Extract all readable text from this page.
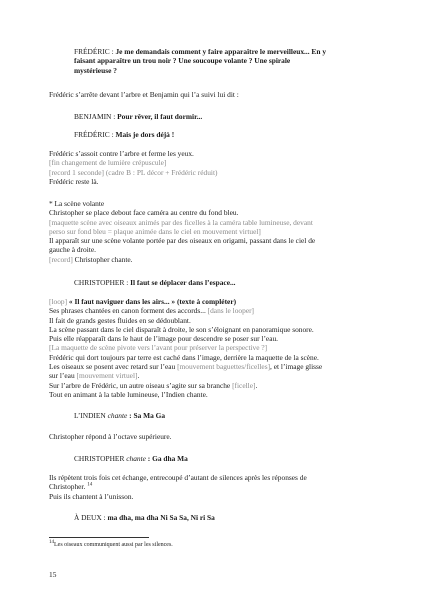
FRÉDÉRIC : Je me demandais comment y faire apparaître le merveilleux... En y
faisant apparaître un trou noir ? Une soucoupe volante ? Une spirale
mystérieuse ?
Frédéric s’arrête devant l’arbre et Benjamin qui l’a suivi lui dit :
BENJAMIN : Pour rêver, il faut dormir...
FRÉDÉRIC : Mais je dors déjà !
Frédéric s’assoit contre l’arbre et ferme les yeux.
[fin changement de lumière crépuscule]
[record 1 seconde] (cadre B : PL décor + Frédéric réduit)
Frédéric reste là.
* La scène volante
Christopher se place debout face caméra au centre du fond bleu.
[maquette scène avec oiseaux animés par des ficelles à la caméra table lumineuse, devant
perso sur fond bleu = plaque animée dans le ciel en mouvement virtuel]
Il apparaît sur une scène volante portée par des oiseaux en origami, passant dans le ciel de
gauche à droite.
[record] Christopher chante.
CHRISTOPHER : Il faut se déplacer dans l’espace...
[loop] « Il faut naviguer dans les airs... » (texte à compléter)
Ses phrases chantées en canon forment des accords... [dans le looper]
Il fait de grands gestes fluides en se dédoublant.
La scène passant dans le ciel disparaît à droite, le son s’éloignant en panoramique sonore.
Puis elle réapparaît dans le haut de l’image pour descendre se poser sur l’eau.
[La maquette de scène pivote vers l’avant pour préserver la perspective ?]
Frédéric qui dort toujours par terre est caché dans l’image, derrière la maquette de la scène.
Les oiseaux se posent avec retard sur l’eau [mouvement baguettes/ficelles], et l’image glisse
sur l’eau [mouvement virtuel].
Sur l’arbre de Frédéric, un autre oiseau s’agite sur sa branche [ficelle].
Tout en animant à la table lumineuse, l’Indien chante.
L’INDIEN chante : Sa Ma Ga
Christopher répond à l’octave supérieure.
CHRISTOPHER chante : Ga dha Ma
Ils répètent trois fois cet échange, entrecoupé d’autant de silences après les réponses de
Christopher. $^{14}$
Puis ils chantent à l’unisson.
À DEUX : ma dha, ma dha Ni Sa Sa, Ni ri Sa
$^{14}$Les oiseaux communiquent aussi par les silences.
15
